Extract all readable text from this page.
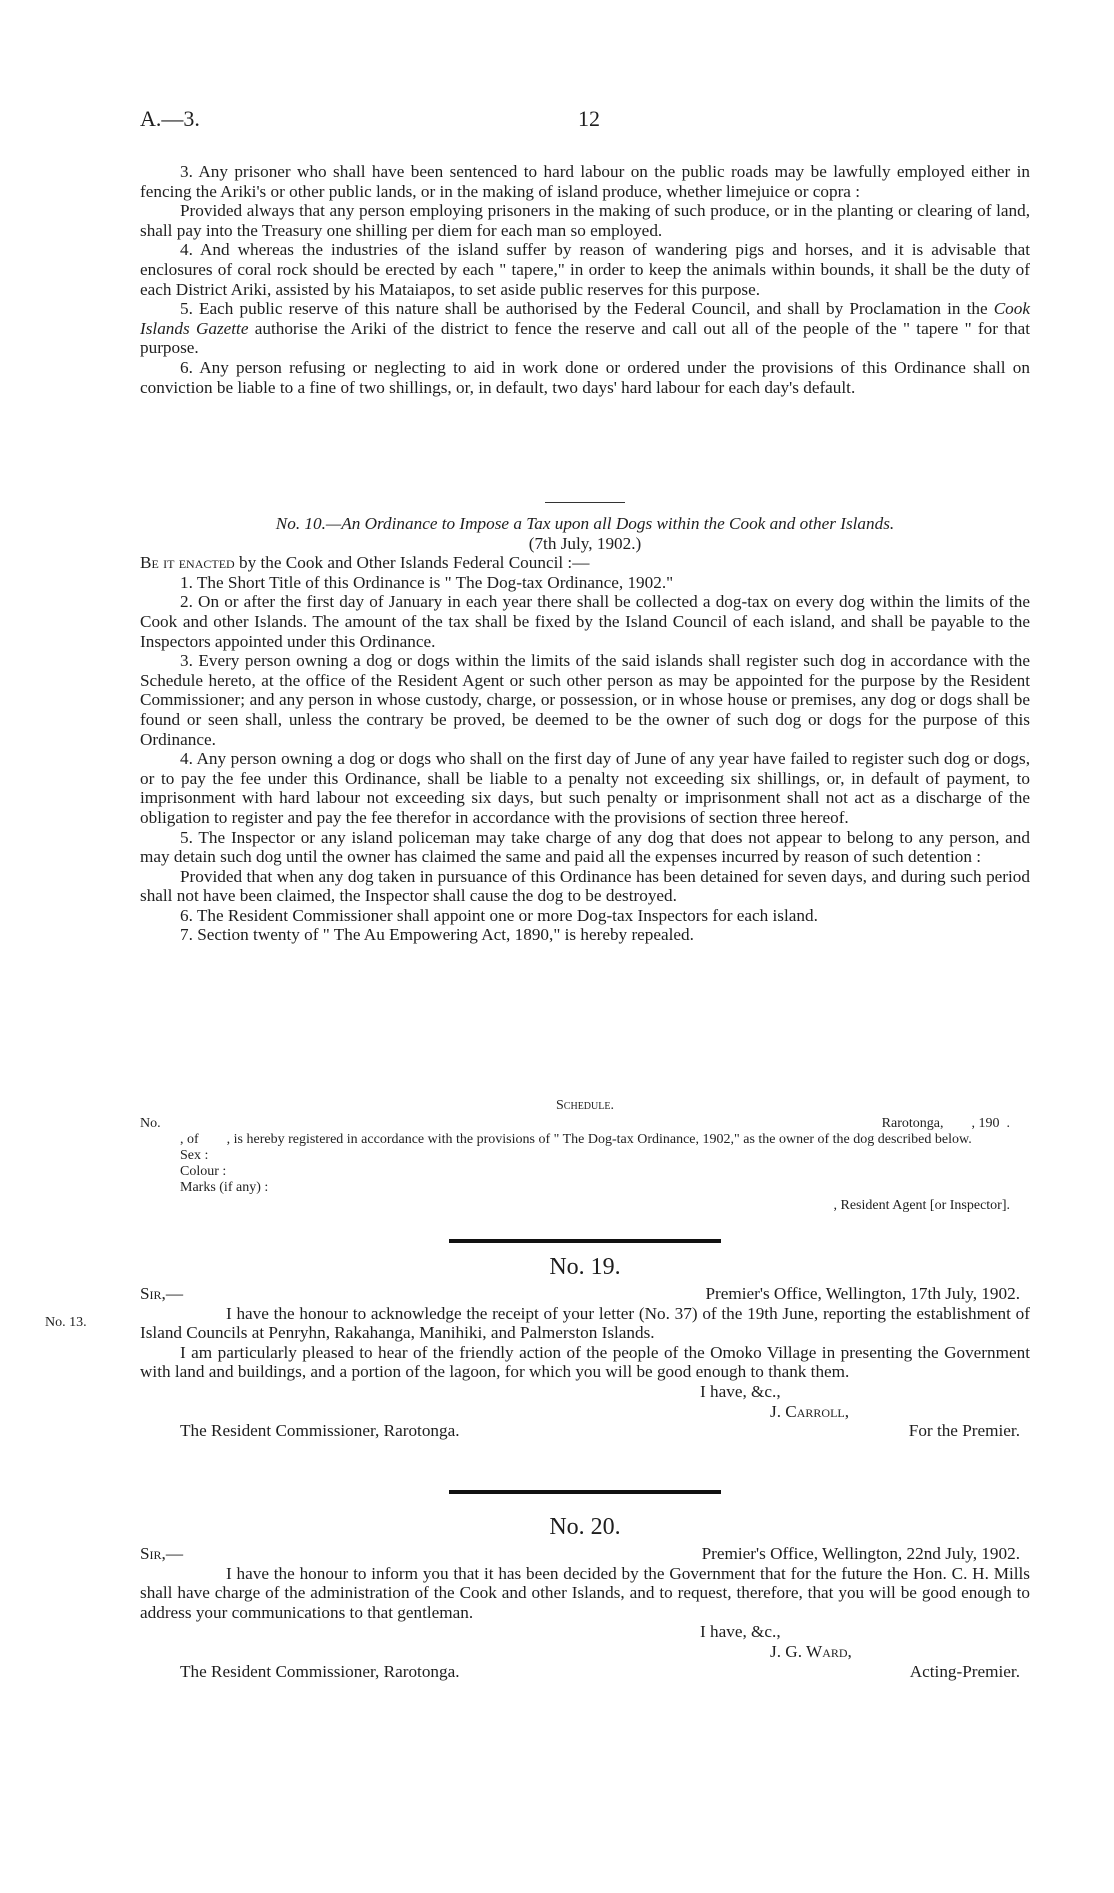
A.—3.	12

3. Any prisoner who shall have been sentenced to hard labour on the public roads may be lawfully employed either in fencing the Ariki's or other public lands, or in the making of island produce, whether limejuice or copra :

Provided always that any person employing prisoners in the making of such produce, or in the planting or clearing of land, shall pay into the Treasury one shilling per diem for each man so employed.

4. And whereas the industries of the island suffer by reason of wandering pigs and horses, and it is advisable that enclosures of coral rock should be erected by each " tapere," in order to keep the animals within bounds, it shall be the duty of each District Ariki, assisted by his Mataiapos, to set aside public reserves for this purpose.

5. Each public reserve of this nature shall be authorised by the Federal Council, and shall by Proclamation in the Cook Islands Gazette authorise the Ariki of the district to fence the reserve and call out all of the people of the " tapere " for that purpose.

6. Any person refusing or neglecting to aid in work done or ordered under the provisions of this Ordinance shall on conviction be liable to a fine of two shillings, or, in default, two days' hard labour for each day's default.

No. 10.—An Ordinance to Impose a Tax upon all Dogs within the Cook and other Islands.

(7th July, 1902.)

Be it enacted by the Cook and Other Islands Federal Council :—

1. The Short Title of this Ordinance is " The Dog-tax Ordinance, 1902."

2. On or after the first day of January in each year there shall be collected a dog-tax on every dog within the limits of the Cook and other Islands. The amount of the tax shall be fixed by the Island Council of each island, and shall be payable to the Inspectors appointed under this Ordinance.

3. Every person owning a dog or dogs within the limits of the said islands shall register such dog in accordance with the Schedule hereto, at the office of the Resident Agent or such other person as may be appointed for the purpose by the Resident Commissioner; and any person in whose custody, charge, or possession, or in whose house or premises, any dog or dogs shall be found or seen shall, unless the contrary be proved, be deemed to be the owner of such dog or dogs for the purpose of this Ordinance.

4. Any person owning a dog or dogs who shall on the first day of June of any year have failed to register such dog or dogs, or to pay the fee under this Ordinance, shall be liable to a penalty not exceeding six shillings, or, in default of payment, to imprisonment with hard labour not exceeding six days, but such penalty or imprisonment shall not act as a discharge of the obligation to register and pay the fee therefor in accordance with the provisions of section three hereof.

5. The Inspector or any island policeman may take charge of any dog that does not appear to belong to any person, and may detain such dog until the owner has claimed the same and paid all the expenses incurred by reason of such detention :

Provided that when any dog taken in pursuance of this Ordinance has been detained for seven days, and during such period shall not have been claimed, the Inspector shall cause the dog to be destroyed.

6. The Resident Commissioner shall appoint one or more Dog-tax Inspectors for each island.

7. Section twenty of " The Au Empowering Act, 1890," is hereby repealed.

Schedule.

No.	Rarotonga,        , 190  .

, of        , is hereby registered in accordance with the provisions of " The Dog-tax Ordinance, 1902," as the owner of the dog described below.

Sex :

Colour :

Marks (if any) :

, Resident Agent [or Inspector].

No. 13.

No. 19.

Sir,—	Premier's Office, Wellington, 17th July, 1902.

I have the honour to acknowledge the receipt of your letter (No. 37) of the 19th June, reporting the establishment of Island Councils at Penryhn, Rakahanga, Manihiki, and Palmerston Islands.

I am particularly pleased to hear of the friendly action of the people of the Omoko Village in presenting the Government with land and buildings, and a portion of the lagoon, for which you will be good enough to thank them.

I have, &c.,

J. Carroll,

The Resident Commissioner, Rarotonga.	For the Premier.

No. 20.

Sir,—	Premier's Office, Wellington, 22nd July, 1902.

I have the honour to inform you that it has been decided by the Government that for the future the Hon. C. H. Mills shall have charge of the administration of the Cook and other Islands, and to request, therefore, that you will be good enough to address your communications to that gentleman.

I have, &c.,

J. G. Ward,

The Resident Commissioner, Rarotonga.	Acting-Premier.
